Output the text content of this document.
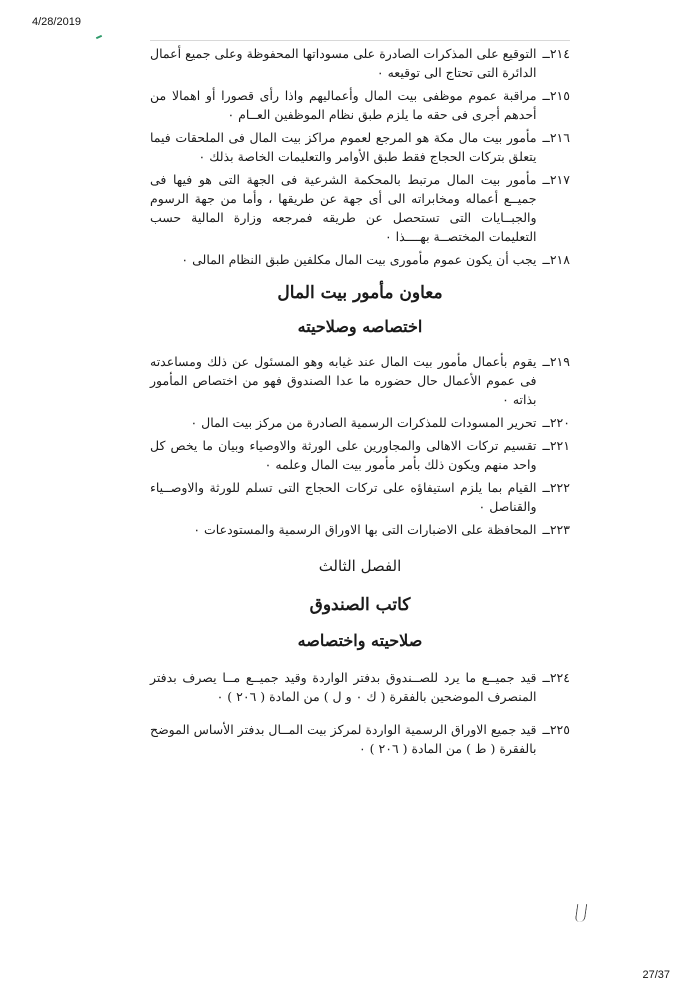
4/28/2019
٢١٤ــ
التوقيع على المذكرات الصادرة على مسوداتها المحفوظة وعلى جميع أعمال الدائرة التى تحتاج الى توقيعه ٠
٢١٥ــ
مراقبة عموم موظفى بيت المال وأعماليهم واذا رأى قصورا أو اهمالا من أحدهم أجرى فى حقه ما يلزم طبق نظام الموظفين العــام ٠
٢١٦ــ
مأمور بيت مال مكة هو المرجع لعموم مراكز بيت المال فى الملحقات فيما يتعلق بتركات الحجاج فقط طبق الأوامر والتعليمات الخاصة بذلك ٠
٢١٧ــ
مأمور بيت المال مرتبط بالمحكمة الشرعية فى الجهة التى هو فيها فى جميــع أعماله ومخابراته الى أى جهة عن طريقها ، وأما من جهة الرسوم والجبــايات التى تستحصل عن طريقه فمرجعه وزارة المالية حسب التعليمات المختصــة بهــــذا ٠
٢١٨ــ
يجب أن يكون عموم مأمورى بيت المال مكلفين طبق النظام المالى ٠
معاون مأمور بيت المال
اختصاصه وصلاحيته
٢١٩ــ
يقوم بأعمال مأمور بيت المال عند غيابه وهو المسئول عن ذلك ومساعدته فى عموم الأعمال حال حضوره ما عدا الصندوق فهو من اختصاص المأمور بذاته ٠
٢٢٠ــ
تحرير المسودات للمذكرات الرسمية الصادرة من مركز بيت المال ٠
٢٢١ــ
تقسيم تركات الاهالى والمجاورين على الورثة والاوصياء وبيان ما يخص كل واحد منهم ويكون ذلك بأمر مأمور بيت المال وعلمه ٠
٢٢٢ــ
القيام بما يلزم استيفاؤه على تركات الحجاج التى تسلم للورثة والاوصــياء والقناصل ٠
٢٢٣ــ
المحافظة على الاضبارات التى بها الاوراق الرسمية والمستودعات ٠
الفصل الثالث
كاتب الصندوق
صلاحيته واختصاصه
٢٢٤ــ
قيد جميــع ما يرد للصــندوق بدفتر الواردة وقيد جميــع مــا يصرف بدفتر المنصرف الموضحين بالفقرة ( ك ٠ و ل ) من المادة ( ٢٠٦ ) ٠
٢٢٥ــ
قيد جميع الاوراق الرسمية الواردة لمركز بيت المــال بدفتر الأساس الموضح بالفقرة ( ط ) من المادة ( ٢٠٦ ) ٠
27/37
